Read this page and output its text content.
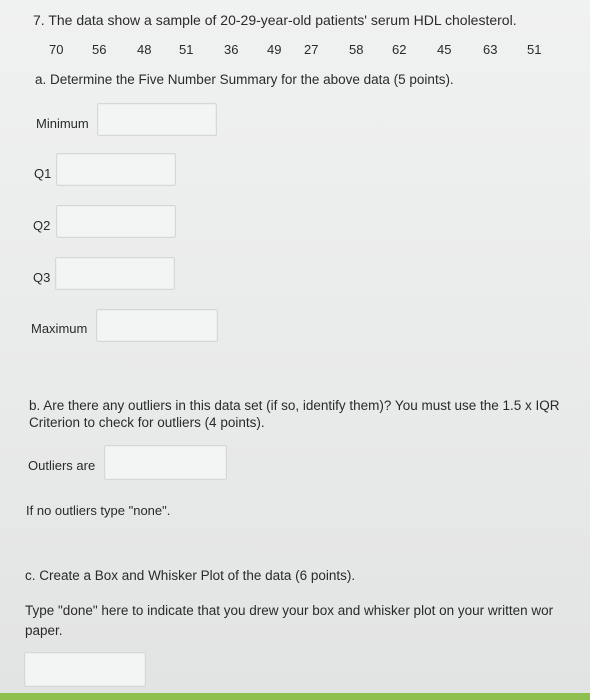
7. The data show a sample of 20-29-year-old patients' serum HDL cholesterol.
70 56 48 51 36 49 27 58 62 45 63 51
a. Determine the Five Number Summary for the above data (5 points).
Minimum
Q1
Q2
Q3
Maximum
b. Are there any outliers in this data set (if so, identify them)? You must use the 1.5 x IQR
Criterion to check for outliers (4 points).
Outliers are
If no outliers type "none".
c. Create a Box and Whisker Plot of the data (6 points).
Type "done" here to indicate that you drew your box and whisker plot on your written wor
paper.
